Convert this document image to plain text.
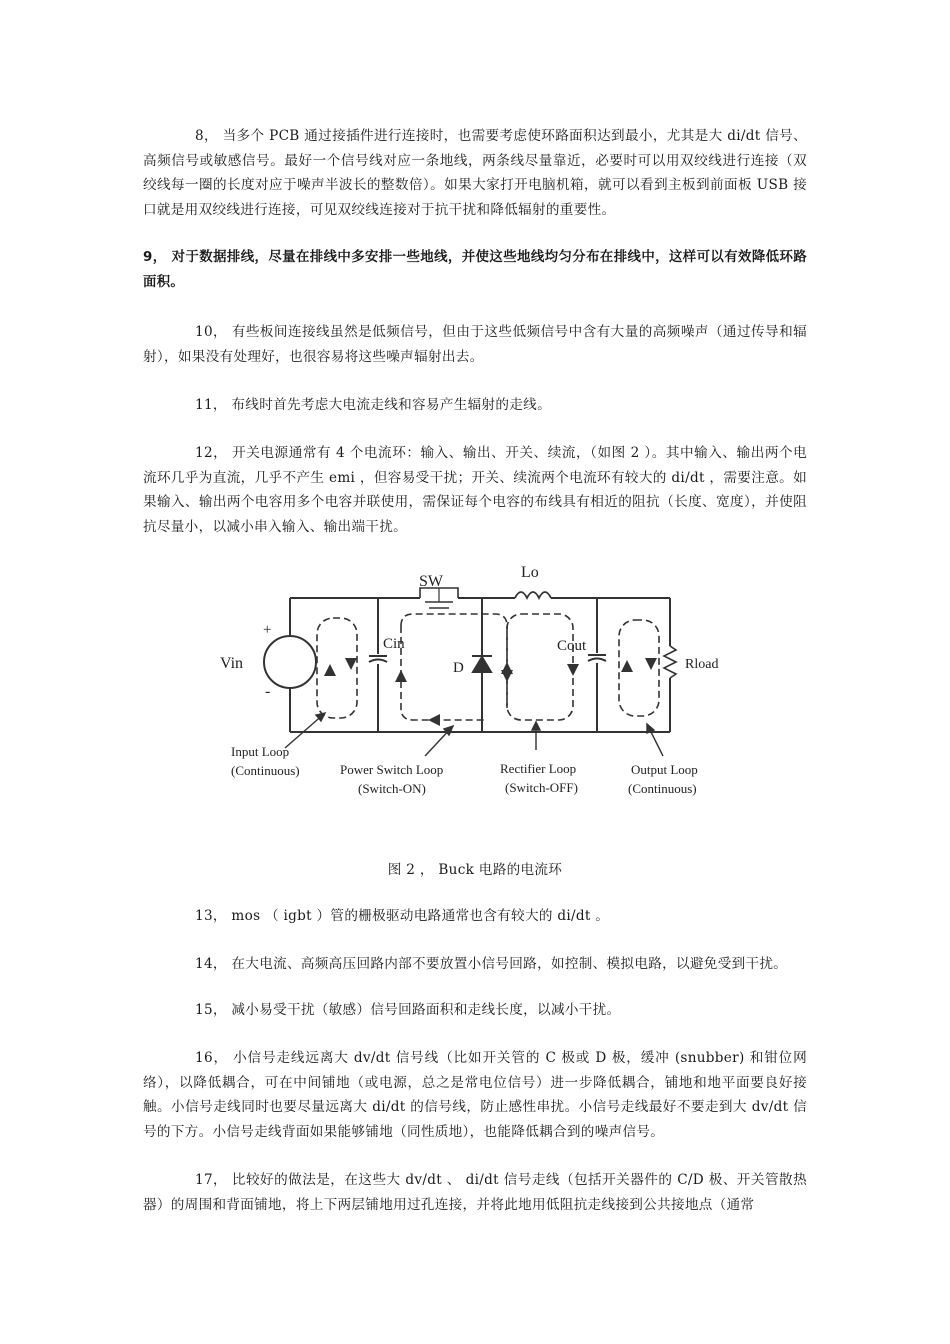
8， 当多个 PCB 通过接插件进行连接时，也需要考虑使环路面积达到最小，尤其是大 di/dt 信号、高频信号或敏感信号。最好一个信号线对应一条地线，两条线尽量靠近，必要时可以用双绞线进行连接（双绞线每一圈的长度对应于噪声半波长的整数倍）。如果大家打开电脑机箱，就可以看到主板到前面板 USB 接口就是用双绞线进行连接，可见双绞线连接对于抗干扰和降低辐射的重要性。

9， 对于数据排线，尽量在排线中多安排一些地线，并使这些地线均匀分布在排线中，这样可以有效降低环路面积。

10， 有些板间连接线虽然是低频信号，但由于这些低频信号中含有大量的高频噪声（通过传导和辐射），如果没有处理好，也很容易将这些噪声辐射出去。

11， 布线时首先考虑大电流走线和容易产生辐射的走线。

12， 开关电源通常有 4 个电流环：输入、输出、开关、续流，（如图 2 ）。其中输入、输出两个电流环几乎为直流，几乎不产生 emi ，但容易受干扰；开关、续流两个电流环有较大的 di/dt ，需要注意。如果输入、输出两个电容用多个电容并联使用，需保证每个电容的布线具有相近的阻抗（长度、宽度），并使阻抗尽量小，以减小串入输入、输出端干扰。

SW
Lo
Vin
+
-
Cin
D
Cout
Rload
Input Loop
(Continuous)	Power Switch Loop
(Switch-ON)
Rectifier Loop
(Switch-OFF)
Output Loop
(Continuous)
图 2 ， Buck 电路的电流环

13， mos （ igbt ）管的栅极驱动电路通常也含有较大的 di/dt 。

14， 在大电流、高频高压回路内部不要放置小信号回路，如控制、模拟电路，以避免受到干扰。

15， 减小易受干扰（敏感）信号回路面积和走线长度，以减小干扰。

16， 小信号走线远离大 dv/dt 信号线（比如开关管的 C 极或 D 极，缓冲 (snubber) 和钳位网络），以降低耦合，可在中间铺地（或电源，总之是常电位信号）进一步降低耦合，铺地和地平面要良好接触。小信号走线同时也要尽量远离大 di/dt 的信号线，防止感性串扰。小信号走线最好不要走到大 dv/dt 信号的下方。小信号走线背面如果能够铺地（同性质地），也能降低耦合到的噪声信号。

17， 比较好的做法是，在这些大 dv/dt 、 di/dt 信号走线（包括开关器件的 C/D 极、开关管散热器）的周围和背面铺地，将上下两层铺地用过孔连接，并将此地用低阻抗走线接到公共接地点（通常
